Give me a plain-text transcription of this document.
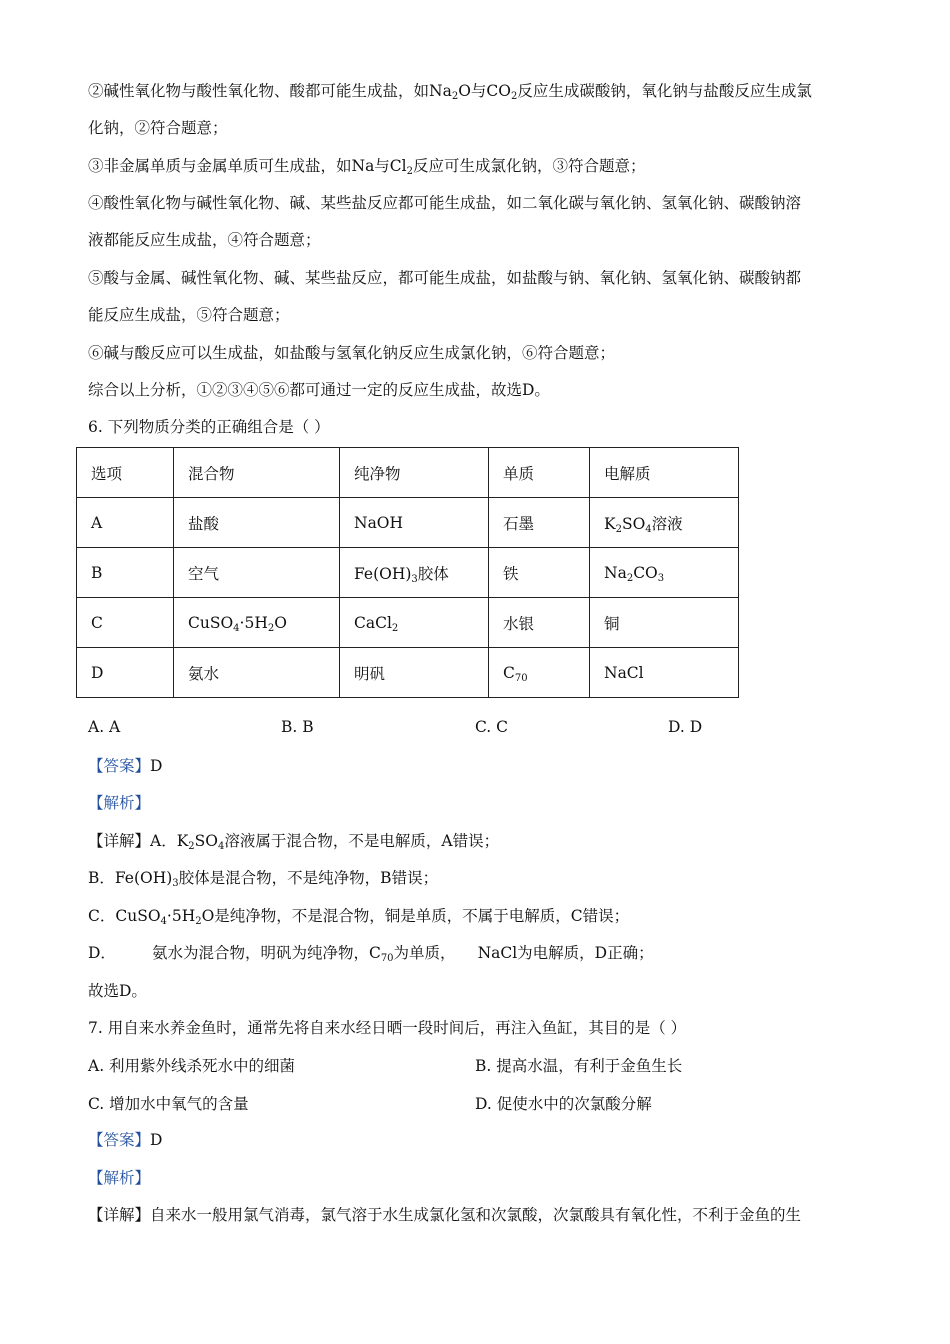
②碱性氧化物与酸性氧化物、酸都可能生成盐，如$Na_2O$与$CO_2$反应生成碳酸钠，氧化钠与盐酸反应生成氯
化钠，②符合题意；
③非金属单质与金属单质可生成盐，如Na与$Cl_2$反应可生成氯化钠，③符合题意；
④酸性氧化物与碱性氧化物、碱、某些盐反应都可能生成盐，如二氧化碳与氧化钠、氢氧化钠、碳酸钠溶
液都能反应生成盐，④符合题意；
⑤酸与金属、碱性氧化物、碱、某些盐反应，都可能生成盐，如盐酸与钠、氧化钠、氢氧化钠、碳酸钠都
能反应生成盐，⑤符合题意；
⑥碱与酸反应可以生成盐，如盐酸与氢氧化钠反应生成氯化钠，⑥符合题意；
综合以上分析，①②③④⑤⑥都可通过一定的反应生成盐，故选D。
6. 下列物质分类的正确组合是（ ）
选项	混合物	纯净物	单质	电解质
A	盐酸	NaOH	石墨	$K_2SO_4$溶液
B	空气	$Fe(OH)_3$胶体	铁	$Na_2CO_3$
C	$CuSO_4\cdot 5H_2O$	CaCl$_2$	水银	铜
D	氨水	明矾	$C_{70}$	NaCl
A. A	B. B	C. C	D. D
【答案】D
【解析】
【详解】A．$K_2SO_4$溶液属于混合物，不是电解质，A错误；
B．$Fe(OH)_3$胶体是混合物，不是纯净物，B错误；
C．$CuSO_4\cdot 5H_2O$是纯净物，不是混合物，铜是单质，不属于电解质，C错误；
D． 氨水为混合物，明矾为纯净物，$C_{70}$为单质， NaCl为电解质，D正确；
故选D。
7. 用自来水养金鱼时，通常先将自来水经日晒一段时间后，再注入鱼缸，其目的是（ ）
A. 利用紫外线杀死水中的细菌	B. 提高水温，有利于金鱼生长
C. 增加水中氧气的含量	D. 促使水中的次氯酸分解
【答案】D
【解析】
【详解】自来水一般用氯气消毒，氯气溶于水生成氯化氢和次氯酸，次氯酸具有氧化性，不利于金鱼的生
